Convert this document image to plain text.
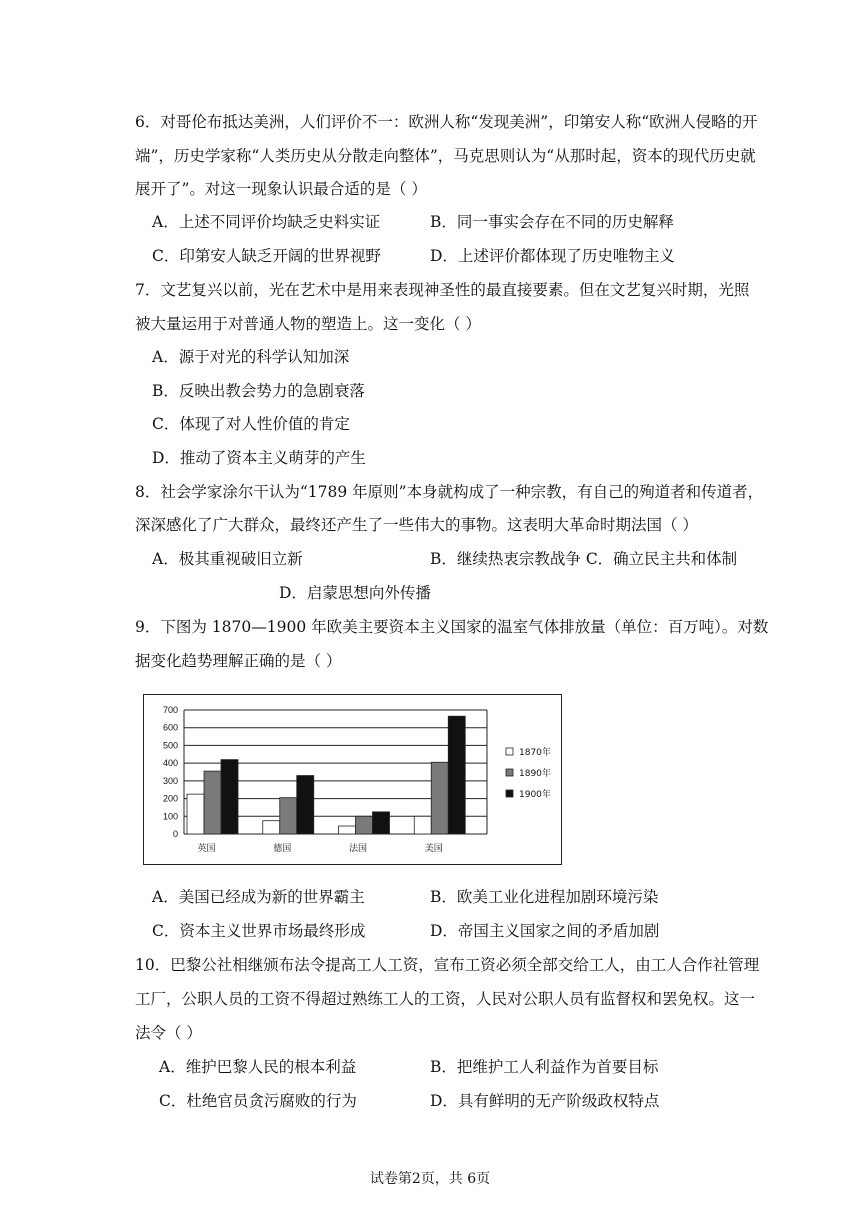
6．对哥伦布抵达美洲，人们评价不一：欧洲人称“发现美洲”，印第安人称“欧洲人侵略的开
端”，历史学家称“人类历史从分散走向整体”，马克思则认为“从那时起，资本的现代历史就
展开了”。对这一现象认识最合适的是（ ）
A．上述不同评价均缺乏史料实证	B．同一事实会存在不同的历史解释
C．印第安人缺乏开阔的世界视野	D．上述评价都体现了历史唯物主义
7．文艺复兴以前，光在艺术中是用来表现神圣性的最直接要素。但在文艺复兴时期，光照
被大量运用于对普通人物的塑造上。这一变化（ ）
A．源于对光的科学认知加深
B．反映出教会势力的急剧衰落
C．体现了对人性价值的肯定
D．推动了资本主义萌芽的产生
8．社会学家涂尔干认为“1789 年原则”本身就构成了一种宗教，有自己的殉道者和传道者，
深深感化了广大群众，最终还产生了一些伟大的事物。这表明大革命时期法国（ ）
A．极其重视破旧立新	B．继续热衷宗教战争 C．确立民主共和体制
D．启蒙思想向外传播
9．下图为 1870—1900 年欧美主要资本主义国家的温室气体排放量（单位：百万吨）。对数
据变化趋势理解正确的是（ ）
0
100
200
300
400
500
600
700
英国	德国	法国	美国
1870年
1890年
1900年
A．美国已经成为新的世界霸主	B．欧美工业化进程加剧环境污染
C．资本主义世界市场最终形成	D．帝国主义国家之间的矛盾加剧
10．巴黎公社相继颁布法令提高工人工资，宣布工资必须全部交给工人，由工人合作社管理
工厂，公职人员的工资不得超过熟练工人的工资，人民对公职人员有监督权和罢免权。这一
法令（ ）
A．维护巴黎人民的根本利益	B．把维护工人利益作为首要目标
C．杜绝官员贪污腐败的行为	D．具有鲜明的无产阶级政权特点
试卷第2页，共 6页
